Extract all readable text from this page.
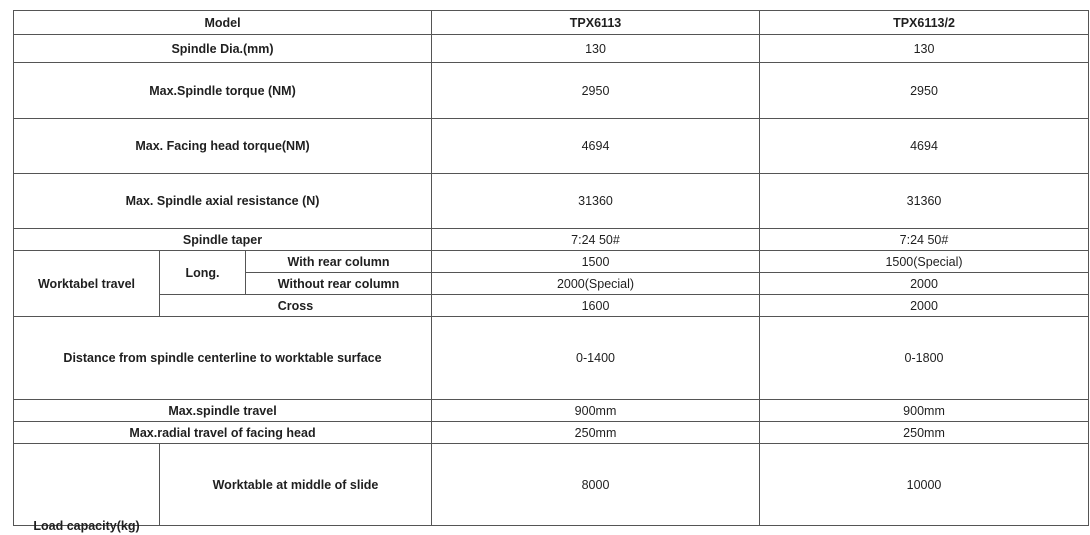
Model			TPX6113	TPX6113/2
Spindle Dia.(mm)			130	130
Max.Spindle torque (NM)			2950	2950
Max. Facing head torque(NM)			4694	4694
Max. Spindle axial resistance (N)			31360	31360
Spindle taper			7:24 50#	7:24 50#
Worktabel travel	Long.	With rear column	1500	1500(Special)
		Without rear column	2000(Special)	2000
	Cross		1600	2000
Distance from spindle centerline to worktable surface			0-1400	0-1800
Max.spindle travel			900mm	900mm
Max.radial travel of facing head			250mm	250mm

Load capacity(kg)	Worktable at middle of slide		8000	10000
